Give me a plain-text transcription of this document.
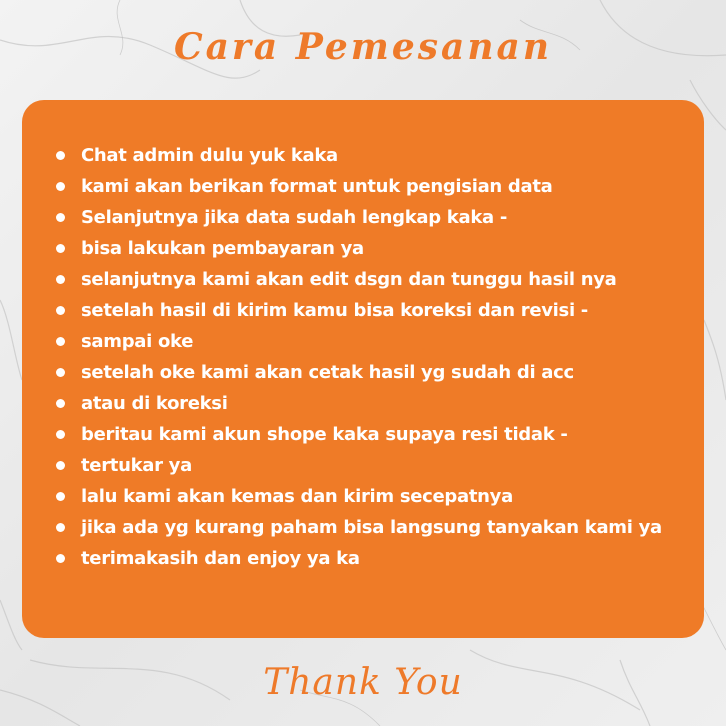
Cara Pemesanan
Chat admin dulu yuk kaka
kami akan berikan format untuk pengisian data
Selanjutnya jika data sudah lengkap kaka -
bisa lakukan pembayaran ya
selanjutnya kami akan edit dsgn dan tunggu hasil nya
setelah hasil di kirim kamu bisa koreksi dan revisi -
sampai oke
setelah oke kami akan cetak hasil yg sudah di acc
atau di koreksi
beritau kami akun shope kaka supaya resi tidak -
tertukar ya
lalu kami akan kemas dan kirim secepatnya
jika ada yg kurang paham bisa langsung tanyakan kami ya
terimakasih dan enjoy ya ka
Thank You
